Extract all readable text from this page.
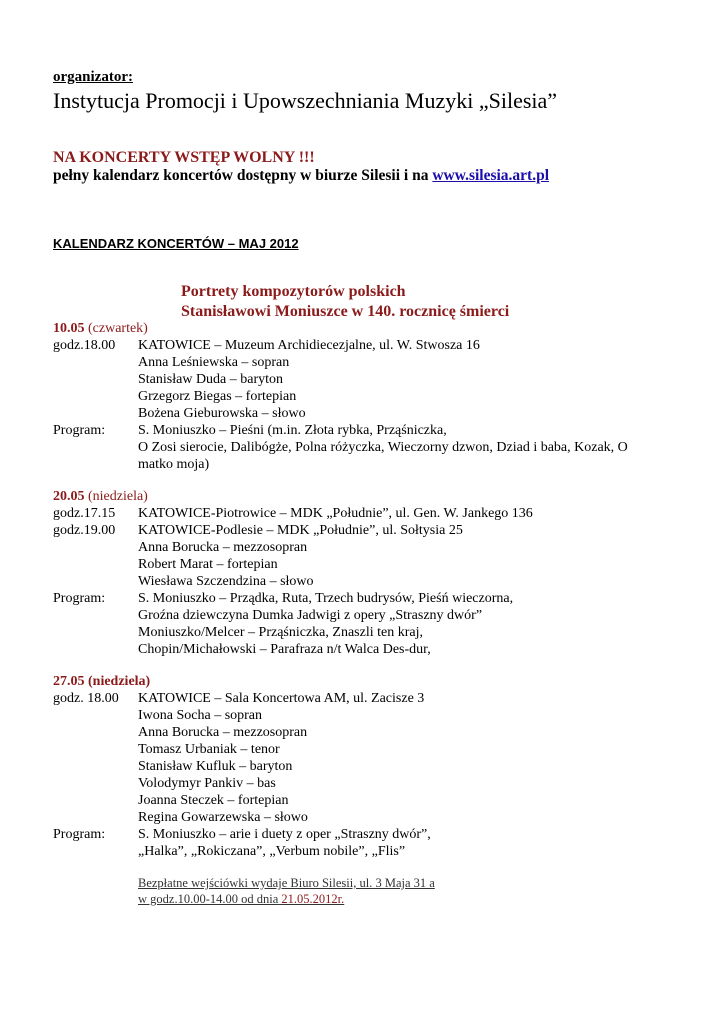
organizator:
Instytucja Promocji i Upowszechniania Muzyki „Silesia”
NA KONCERTY WSTĘP WOLNY !!!
pełny kalendarz koncertów dostępny w biurze Silesii i na www.silesia.art.pl
KALENDARZ KONCERTÓW – MAJ 2012
Portrety kompozytorów polskich
Stanisławowi Moniuszce w 140. rocznicę śmierci
10.05 (czwartek)
godz.18.00	KATOWICE – Muzeum Archidiecezjalne, ul. W. Stwosza 16
Anna Leśniewska – sopran
Stanisław Duda – baryton
Grzegorz Biegas – fortepian
Bożena Gieburowska – słowo
Program:	S. Moniuszko – Pieśni (m.in. Złota rybka, Prząśniczka,
O Zosi sierocie, Dalibógże, Polna różyczka, Wieczorny dzwon, Dziad i baba, Kozak, O
matko moja)
20.05 (niedziela)
godz.17.15	KATOWICE-Piotrowice – MDK „Południe”, ul. Gen. W. Jankego 136
godz.19.00	KATOWICE-Podlesie – MDK „Południe”, ul. Sołtysia 25
Anna Borucka – mezzosopran
Robert Marat – fortepian
Wiesława Szczendzina – słowo
Program:	S. Moniuszko – Prządka, Ruta, Trzech budrysów, Pieśń wieczorna,
Groźna dziewczyna Dumka Jadwigi z opery „Straszny dwór”
Moniuszko/Melcer – Prząśniczka, Znaszli ten kraj,
Chopin/Michałowski – Parafraza n/t Walca Des-dur,
27.05 (niedziela)
godz. 18.00	KATOWICE – Sala Koncertowa AM, ul. Zacisze 3
Iwona Socha – sopran
Anna Borucka – mezzosopran
Tomasz Urbaniak – tenor
Stanisław Kufluk – baryton
Volodymyr Pankiv – bas
Joanna Steczek – fortepian
Regina Gowarzewska – słowo
Program:	S. Moniuszko – arie i duety z oper „Straszny dwór”,
„Halka”, „Rokiczana”, „Verbum nobile”, „Flis”
Bezpłatne wejściówki wydaje Biuro Silesii, ul. 3 Maja 31 a
w godz.10.00-14.00 od dnia 21.05.2012r.
